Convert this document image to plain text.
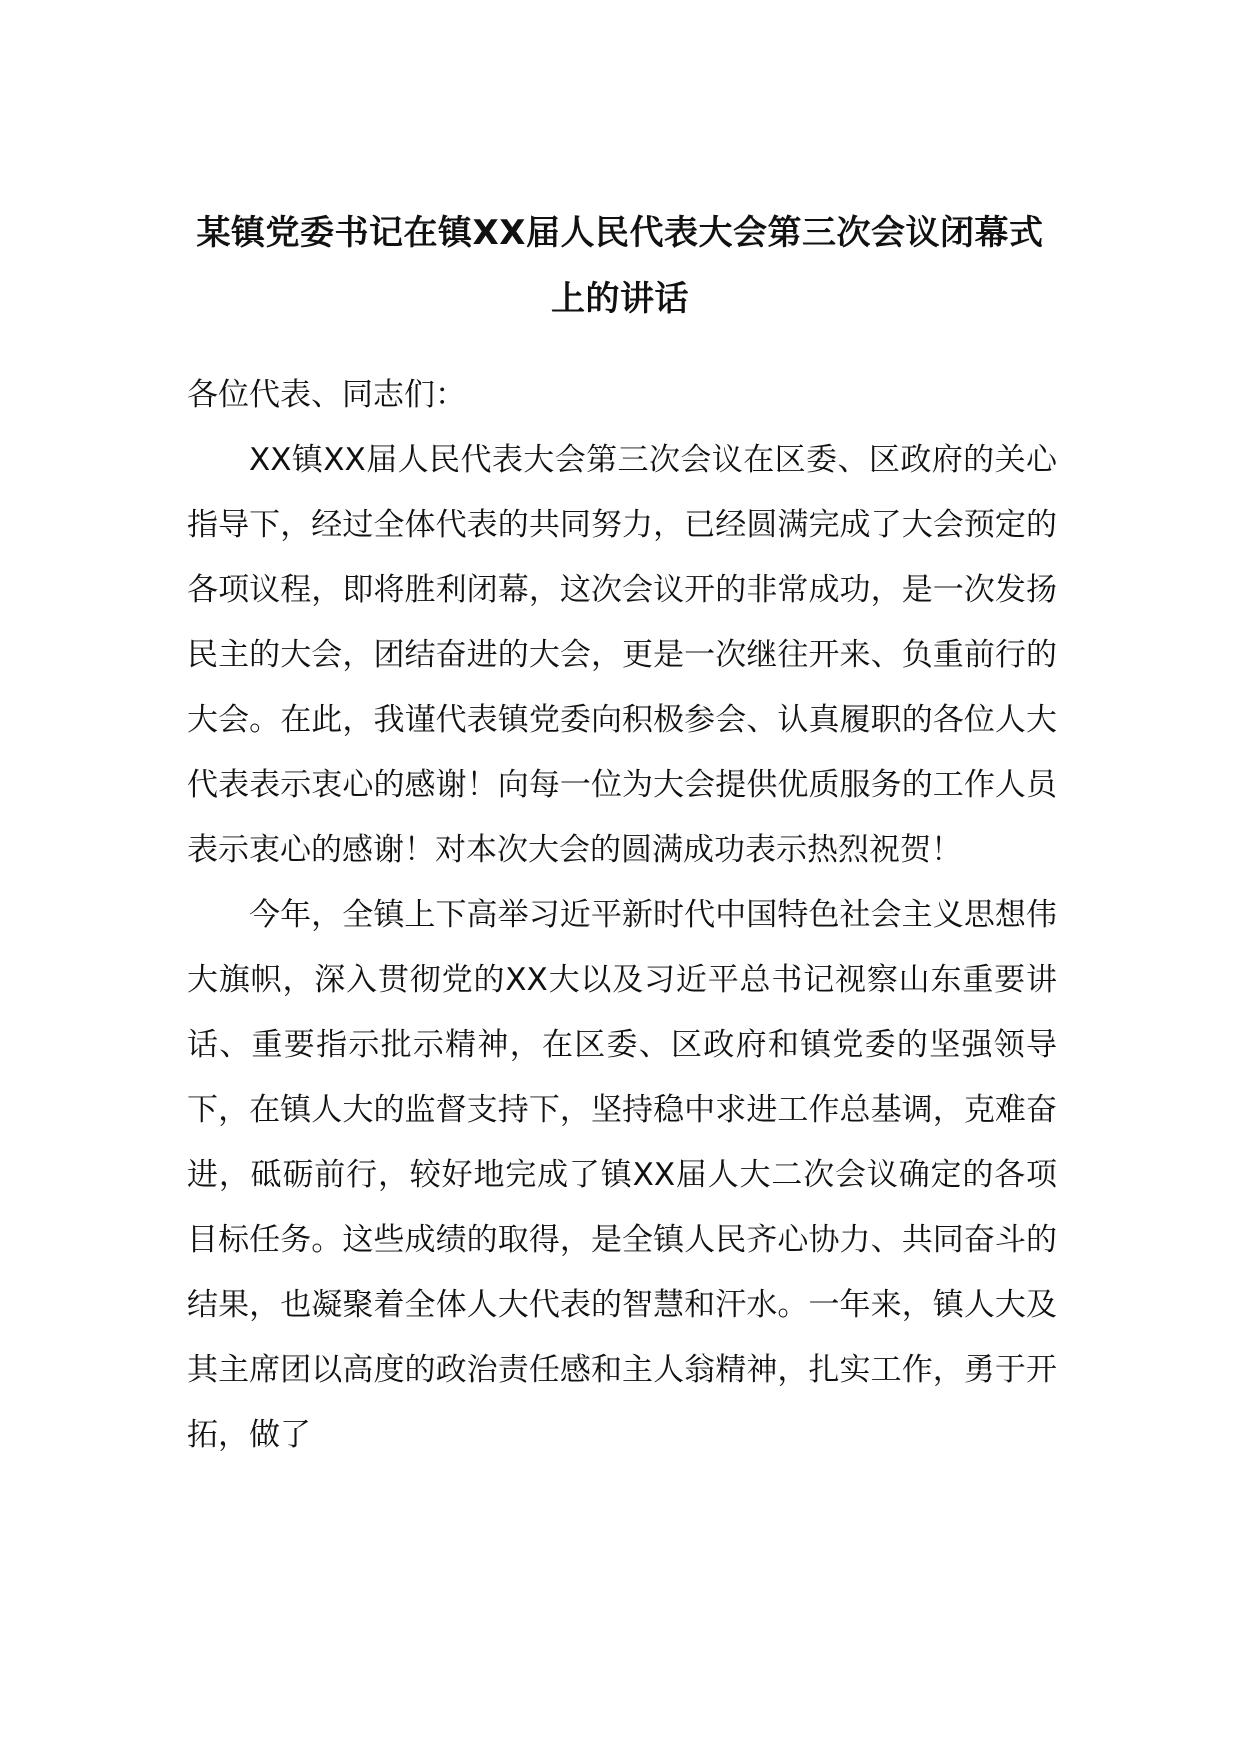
某镇党委书记在镇XX届人民代表大会第三次会议闭幕式上的讲话

各位代表、同志们：

XX镇XX届人民代表大会第三次会议在区委、区政府的关心指导下，经过全体代表的共同努力，已经圆满完成了大会预定的各项议程，即将胜利闭幕，这次会议开的非常成功，是一次发扬民主的大会，团结奋进的大会，更是一次继往开来、负重前行的大会。在此，我谨代表镇党委向积极参会、认真履职的各位人大代表表示衷心的感谢！向每一位为大会提供优质服务的工作人员表示衷心的感谢！对本次大会的圆满成功表示热烈祝贺！

今年，全镇上下高举习近平新时代中国特色社会主义思想伟大旗帜，深入贯彻党的XX大以及习近平总书记视察山东重要讲话、重要指示批示精神，在区委、区政府和镇党委的坚强领导下，在镇人大的监督支持下，坚持稳中求进工作总基调，克难奋进，砥砺前行，较好地完成了镇XX届人大二次会议确定的各项目标任务。这些成绩的取得，是全镇人民齐心协力、共同奋斗的结果，也凝聚着全体人大代表的智慧和汗水。一年来，镇人大及其主席团以高度的政治责任感和主人翁精神，扎实工作，勇于开拓，做了
